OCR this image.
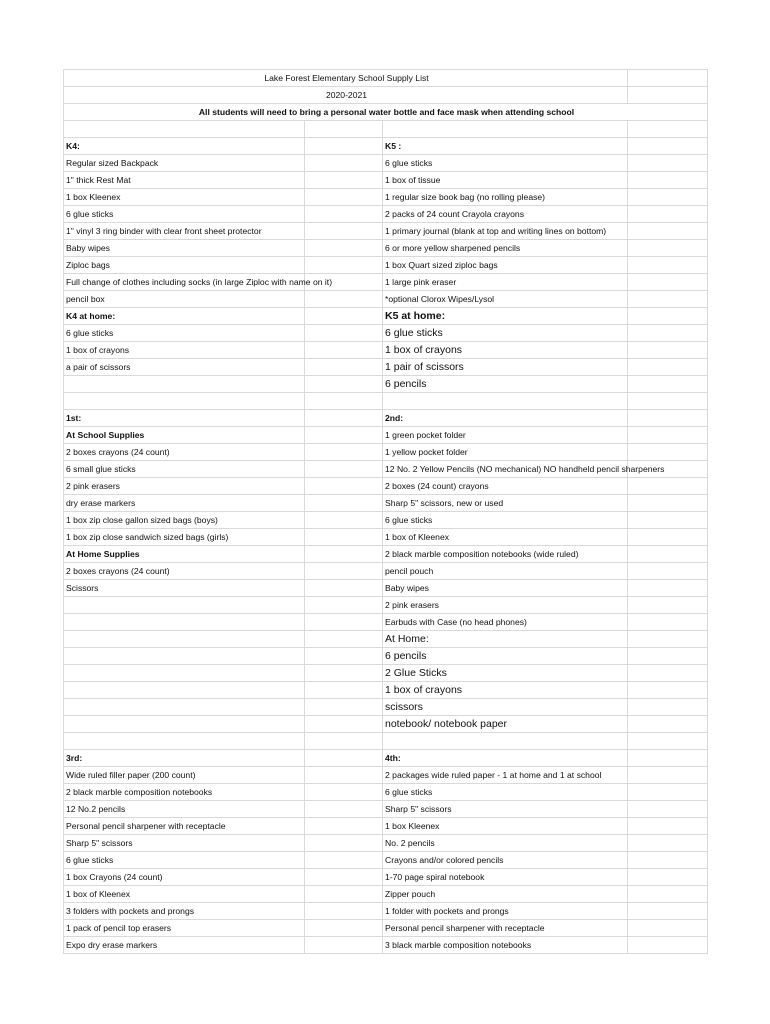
Lake Forest Elementary School Supply List			
2020-2021			
All students will need to bring a personal water bottle and face mask when attending school			

K4:		K5 :	
Regular sized Backpack		6 glue sticks	
1" thick Rest Mat		1 box of tissue	
1 box Kleenex		1 regular size book bag (no rolling please)	
6 glue sticks		2 packs of 24 count Crayola crayons	
1" vinyl 3 ring binder with clear front sheet protector		1 primary journal (blank at top and writing lines on bottom)	
Baby wipes		6 or more yellow sharpened pencils	
Ziploc bags		1 box Quart sized ziploc bags	
Full change of clothes including socks (in large Ziploc with name on it)		1 large pink eraser	
pencil box		*optional Clorox Wipes/Lysol	
K4 at home:		K5 at home:	
6 glue sticks		6 glue sticks	
1 box of crayons		1 box of crayons	
a pair of scissors		1 pair of scissors	
		6 pencils	

1st:		2nd:	
At School Supplies		1 green pocket folder	
2 boxes crayons (24 count)		1 yellow pocket folder	
6 small glue sticks		12 No. 2 Yellow Pencils (NO mechanical) NO handheld pencil sharpeners	
2 pink erasers		2 boxes (24 count) crayons	
dry erase markers		Sharp 5" scissors, new or used	
1 box zip close gallon sized bags (boys)		6 glue sticks	
1 box zip close sandwich sized bags (girls)		1 box of Kleenex	
At Home Supplies		2 black marble composition notebooks (wide ruled)	
2 boxes crayons (24 count)		pencil pouch	
Scissors		Baby wipes	
		2 pink erasers	
		Earbuds with Case (no head phones)	
		At Home:	
		6 pencils	
		2 Glue Sticks	
		1 box of crayons	
		scissors	
		notebook/ notebook paper	

3rd:		4th:	
Wide ruled filler paper (200 count)		2 packages wide ruled paper - 1 at home and 1 at school	
2 black marble composition notebooks		6 glue sticks	
12 No.2 pencils		Sharp 5" scissors	
Personal pencil sharpener with receptacle		1 box Kleenex	
Sharp 5" scissors		No. 2 pencils	
6 glue sticks		Crayons and/or colored pencils	
1 box Crayons (24 count)		1-70 page spiral notebook	
1 box of Kleenex		Zipper pouch	
3 folders with pockets and prongs		1 folder with pockets and prongs	
1 pack of pencil top erasers		Personal pencil sharpener with receptacle	
Expo dry erase markers		3 black marble composition notebooks	
